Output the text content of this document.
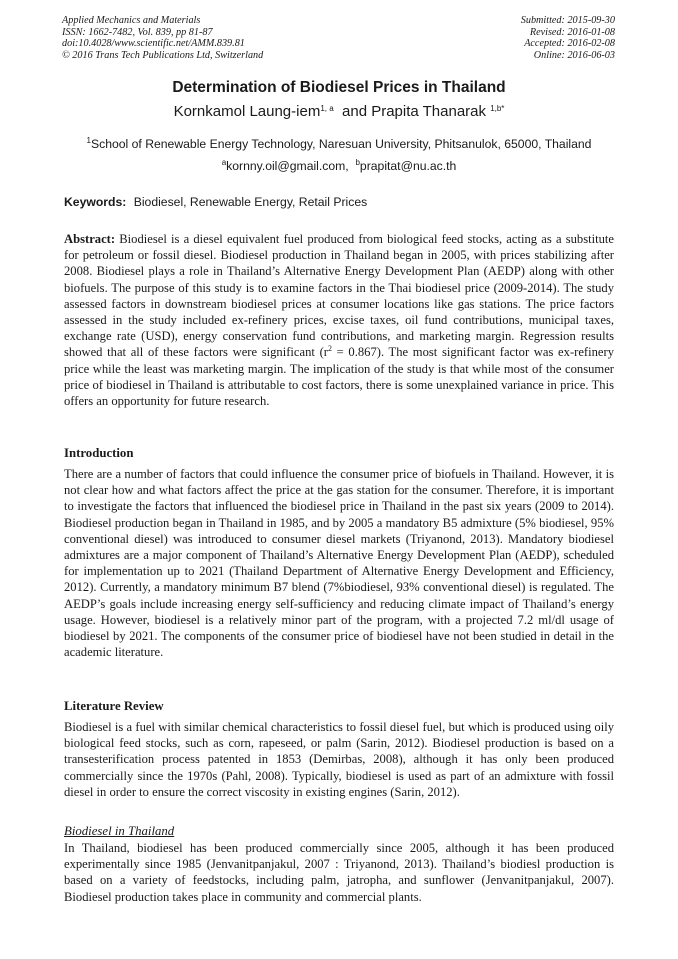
Applied Mechanics and Materials
ISSN: 1662-7482, Vol. 839, pp 81-87
doi:10.4028/www.scientific.net/AMM.839.81
© 2016 Trans Tech Publications Ltd, Switzerland
Submitted: 2015-09-30
Revised: 2016-01-08
Accepted: 2016-02-08
Online: 2016-06-03
Determination of Biodiesel Prices in Thailand
Kornkamol Laung-iem$^{1, a}$ and Prapita Thanarak $^{1,b*}$
$^1$School of Renewable Energy Technology, Naresuan University, Phitsanulok, 65000, Thailand
$^a$kornny.oil@gmail.com, $^b$prapitat@nu.ac.th
Keywords: Biodiesel, Renewable Energy, Retail Prices
Abstract: Biodiesel is a diesel equivalent fuel produced from biological feed stocks, acting as a substitute for petroleum or fossil diesel. Biodiesel production in Thailand began in 2005, with prices stabilizing after 2008. Biodiesel plays a role in Thailand’s Alternative Energy Development Plan (AEDP) along with other biofuels. The purpose of this study is to examine factors in the Thai biodiesel price (2009-2014). The study assessed factors in downstream biodiesel prices at consumer locations like gas stations. The price factors assessed in the study included ex-refinery prices, excise taxes, oil fund contributions, municipal taxes, exchange rate (USD), energy conservation fund contributions, and marketing margin. Regression results showed that all of these factors were significant $(r^2 = 0.867)$. The most significant factor was ex-refinery price while the least was marketing margin. The implication of the study is that while most of the consumer price of biodiesel in Thailand is attributable to cost factors, there is some unexplained variance in price. This offers an opportunity for future research.
Introduction
There are a number of factors that could influence the consumer price of biofuels in Thailand. However, it is not clear how and what factors affect the price at the gas station for the consumer. Therefore, it is important to investigate the factors that influenced the biodiesel price in Thailand in the past six years (2009 to 2014). Biodiesel production began in Thailand in 1985, and by 2005 a mandatory B5 admixture (5% biodiesel, 95% conventional diesel) was introduced to consumer diesel markets (Triyanond, 2013). Mandatory biodiesel admixtures are a major component of Thailand’s Alternative Energy Development Plan (AEDP), scheduled for implementation up to 2021 (Thailand Department of Alternative Energy Development and Efficiency, 2012). Currently, a mandatory minimum B7 blend (7%biodiesel, 93% conventional diesel) is regulated. The AEDP’s goals include increasing energy self-sufficiency and reducing climate impact of Thailand’s energy usage. However, biodiesel is a relatively minor part of the program, with a projected 7.2 ml/dl usage of biodiesel by 2021. The components of the consumer price of biodiesel have not been studied in detail in the academic literature.
Literature Review
Biodiesel is a fuel with similar chemical characteristics to fossil diesel fuel, but which is produced using oily biological feed stocks, such as corn, rapeseed, or palm (Sarin, 2012). Biodiesel production is based on a transesterification process patented in 1853 (Demirbas, 2008), although it has only been produced commercially since the 1970s (Pahl, 2008). Typically, biodiesel is used as part of an admixture with fossil diesel in order to ensure the correct viscosity in existing engines (Sarin, 2012).
Biodiesel in Thailand
In Thailand, biodiesel has been produced commercially since 2005, although it has been produced experimentally since 1985 (Jenvanitpanjakul, 2007 : Triyanond, 2013). Thailand’s biodiesl production is based on a variety of feedstocks, including palm, jatropha, and sunflower (Jenvanitpanjakul, 2007). Biodiesel production takes place in community and commercial plants.
